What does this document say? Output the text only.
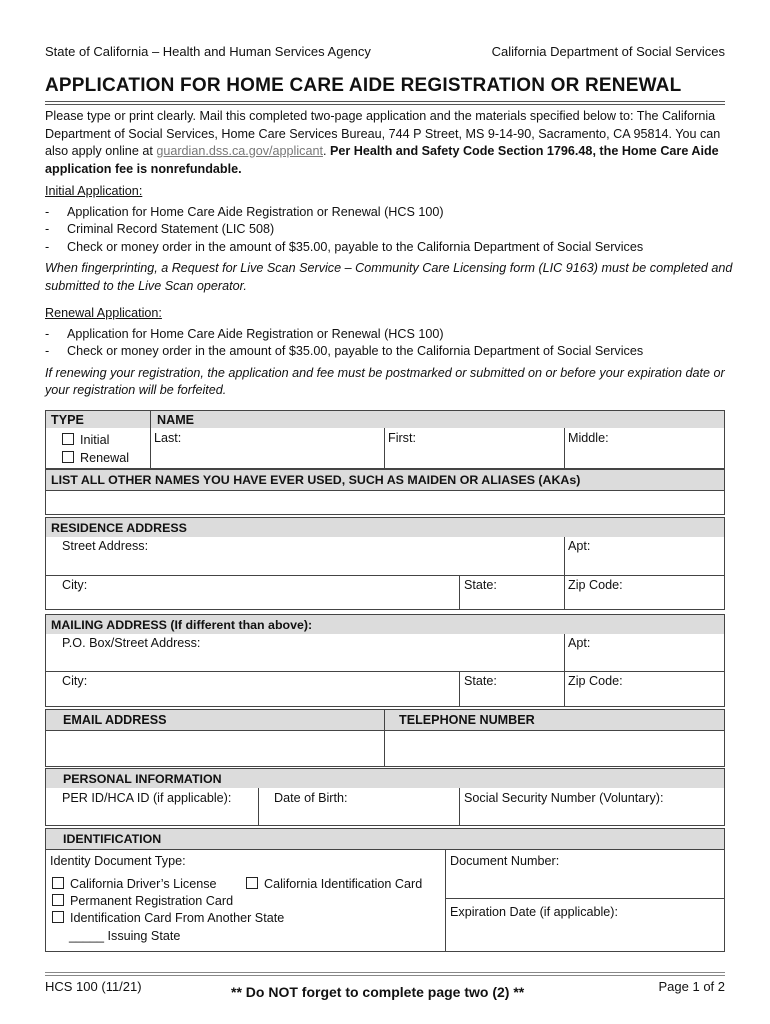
State of California – Health and Human Services Agency	California Department of Social Services
APPLICATION FOR HOME CARE AIDE REGISTRATION OR RENEWAL
Please type or print clearly. Mail this completed two-page application and the materials specified below to: The California Department of Social Services, Home Care Services Bureau, 744 P Street, MS 9-14-90, Sacramento, CA 95814. You can also apply online at guardian.dss.ca.gov/applicant. Per Health and Safety Code Section 1796.48, the Home Care Aide application fee is nonrefundable.
Initial Application:
-	Application for Home Care Aide Registration or Renewal (HCS 100)
-	Criminal Record Statement (LIC 508)
-	Check or money order in the amount of $35.00, payable to the California Department of Social Services
When fingerprinting, a Request for Live Scan Service – Community Care Licensing form (LIC 9163) must be completed and submitted to the Live Scan operator.
Renewal Application:
-	Application for Home Care Aide Registration or Renewal (HCS 100)
-	Check or money order in the amount of $35.00, payable to the California Department of Social Services
If renewing your registration, the application and fee must be postmarked or submitted on or before your expiration date or your registration will be forfeited.
TYPE	NAME
Initial
Renewal
Last:	First:	Middle:
LIST ALL OTHER NAMES YOU HAVE EVER USED, SUCH AS MAIDEN OR ALIASES (AKAs)
RESIDENCE ADDRESS
Street Address:	Apt:
City:	State:	Zip Code:
MAILING ADDRESS (If different than above):
P.O. Box/Street Address:	Apt:
City:	State:	Zip Code:
EMAIL ADDRESS	TELEPHONE NUMBER
PERSONAL INFORMATION
PER ID/HCA ID (if applicable):	Date of Birth:	Social Security Number (Voluntary):
IDENTIFICATION
Identity Document Type:	Document Number:
California Driver’s License	California Identification Card
Permanent Registration Card
Identification Card From Another State
_____ Issuing State
Expiration Date (if applicable):
HCS 100 (11/21)	** Do NOT forget to complete page two (2) **	Page 1 of 2
